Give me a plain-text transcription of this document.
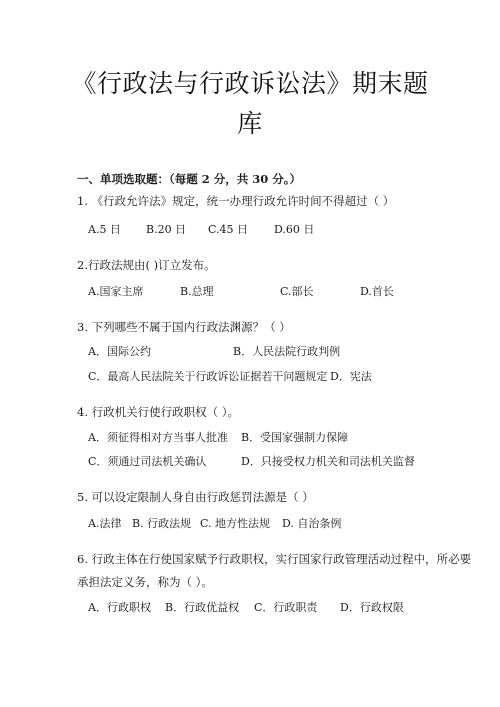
《行政法与行政诉讼法》期末题
库
一、单项选取题：（每题 2 分，共 30 分。）
1. 《行政允许法》规定，统一办理行政允许时间不得超过（ ）
A.5 日 B.20 日 C.45 日 D.60 日
2.行政法规由( )订立发布。
A.国家主席	B.总理	C.部长	D.首长
3. 下列哪些不属于国内行政法渊源？（ ）
A．国际公约	B．人民法院行政判例
C．最高人民法院关于行政诉讼证据若干问题规定 D．宪法
4. 行政机关行使行政职权（ ）。
A．须征得相对方当事人批准 B．受国家强制力保障
C．须通过司法机关确认	D．只接受权力机关和司法机关监督
5. 可以设定限制人身自由行政惩罚法源是（ ）
A.法律 B. 行政法规 C. 地方性法规 D. 自治条例
6. 行政主体在行使国家赋予行政职权，实行国家行政管理活动过程中，所必要
承担法定义务，称为（ ）。
A．行政职权 B．行政优益权 C．行政职责 D．行政权限
